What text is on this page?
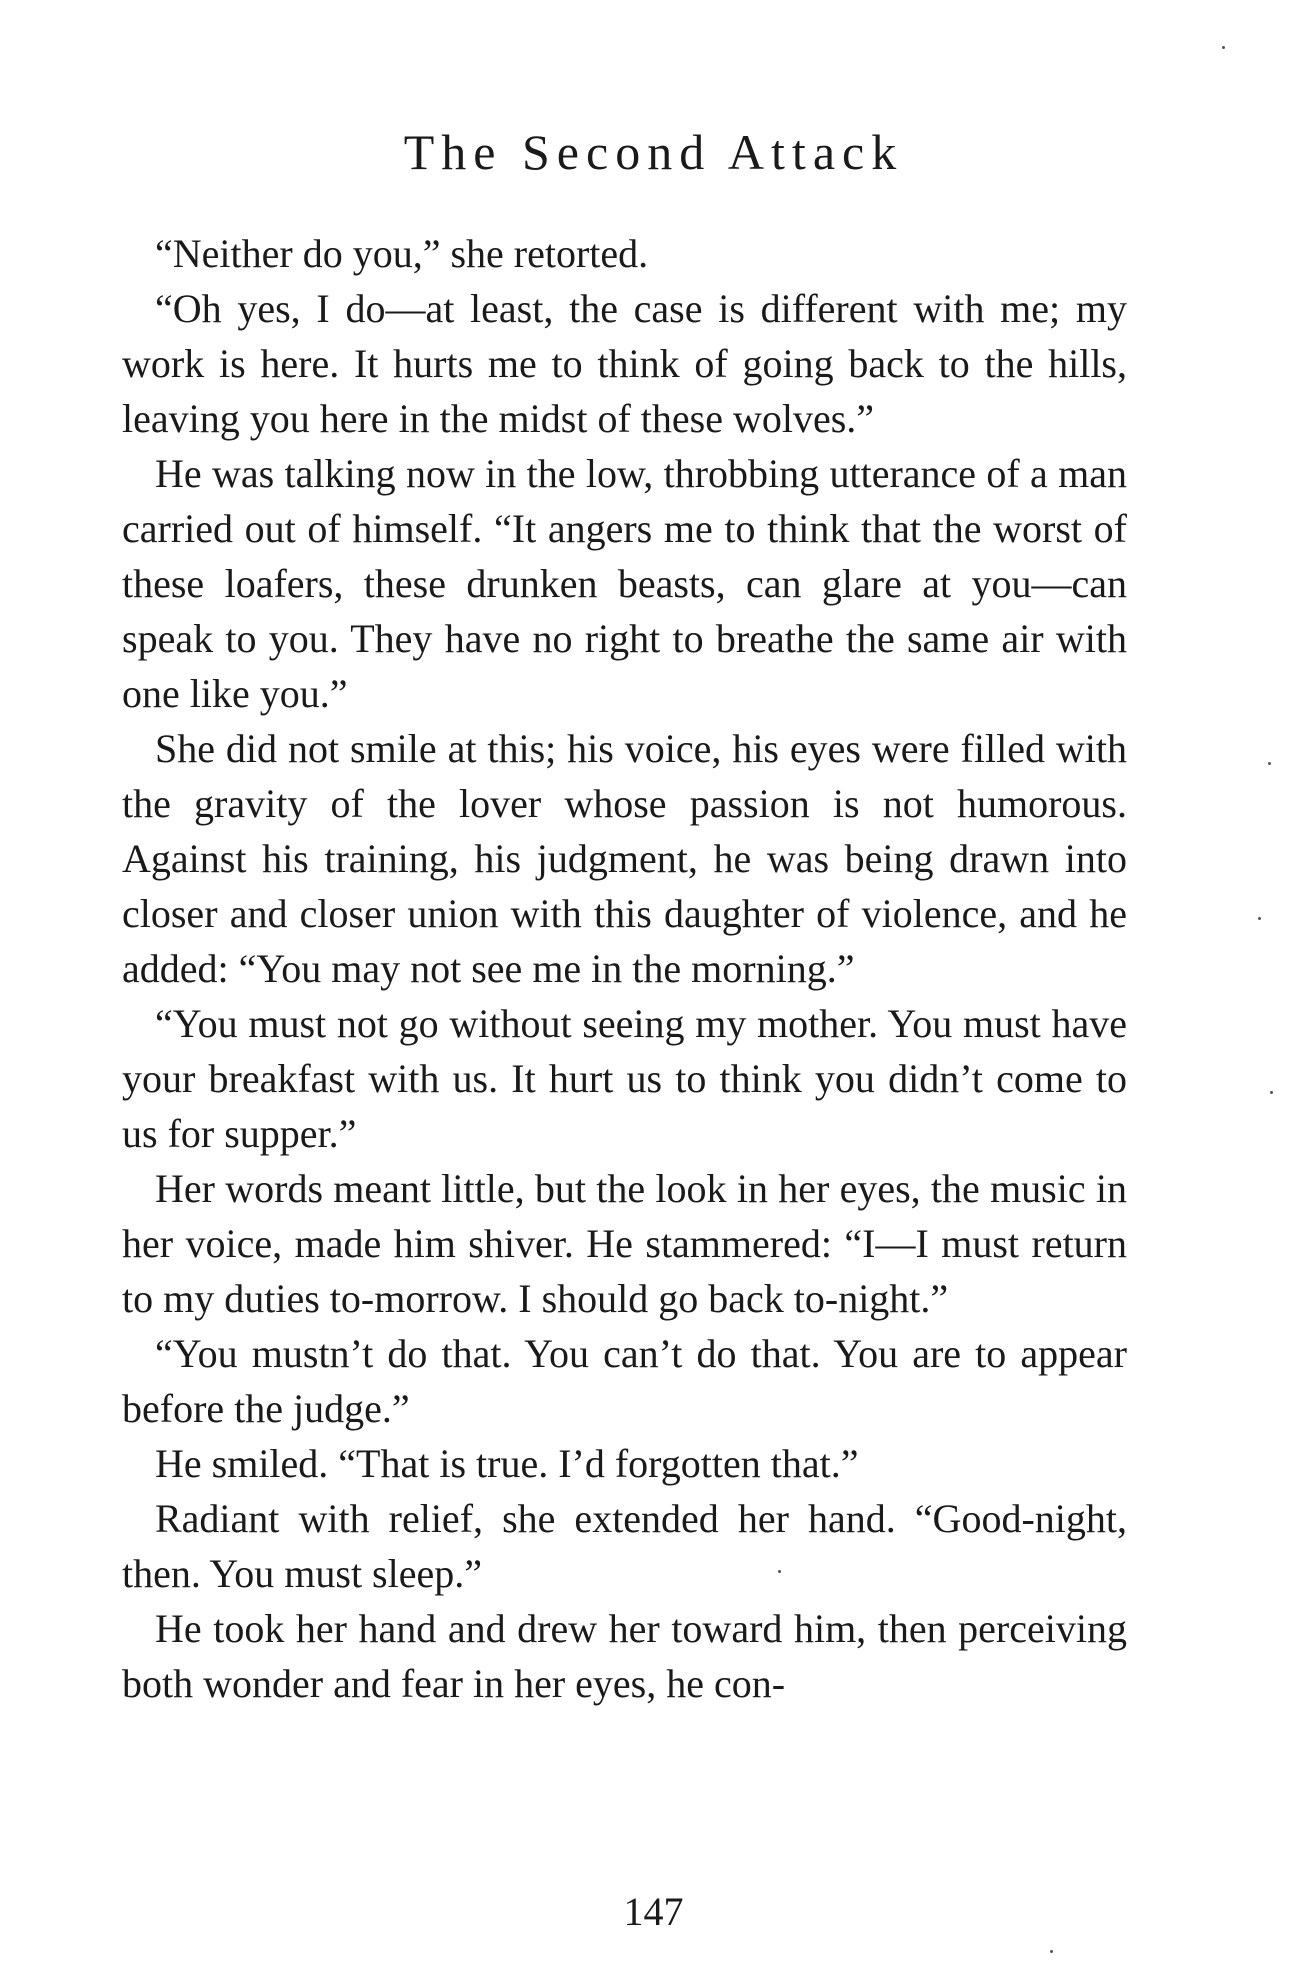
The Second Attack

“Neither do you,” she retorted.

“Oh yes, I do—at least, the case is different with me; my work is here. It hurts me to think of going back to the hills, leaving you here in the midst of these wolves.”

He was talking now in the low, throbbing utterance of a man carried out of himself. “It angers me to think that the worst of these loafers, these drunken beasts, can glare at you—can speak to you. They have no right to breathe the same air with one like you.”

She did not smile at this; his voice, his eyes were filled with the gravity of the lover whose passion is not humorous. Against his training, his judgment, he was being drawn into closer and closer union with this daughter of violence, and he added: “You may not see me in the morning.”

“You must not go without seeing my mother. You must have your breakfast with us. It hurt us to think you didn’t come to us for supper.”

Her words meant little, but the look in her eyes, the music in her voice, made him shiver. He stammered: “I—I must return to my duties to-morrow. I should go back to-night.”

“You mustn’t do that. You can’t do that. You are to appear before the judge.”

He smiled. “That is true. I’d forgotten that.”

Radiant with relief, she extended her hand. “Good-night, then. You must sleep.”

He took her hand and drew her toward him, then perceiving both wonder and fear in her eyes, he con-

147
